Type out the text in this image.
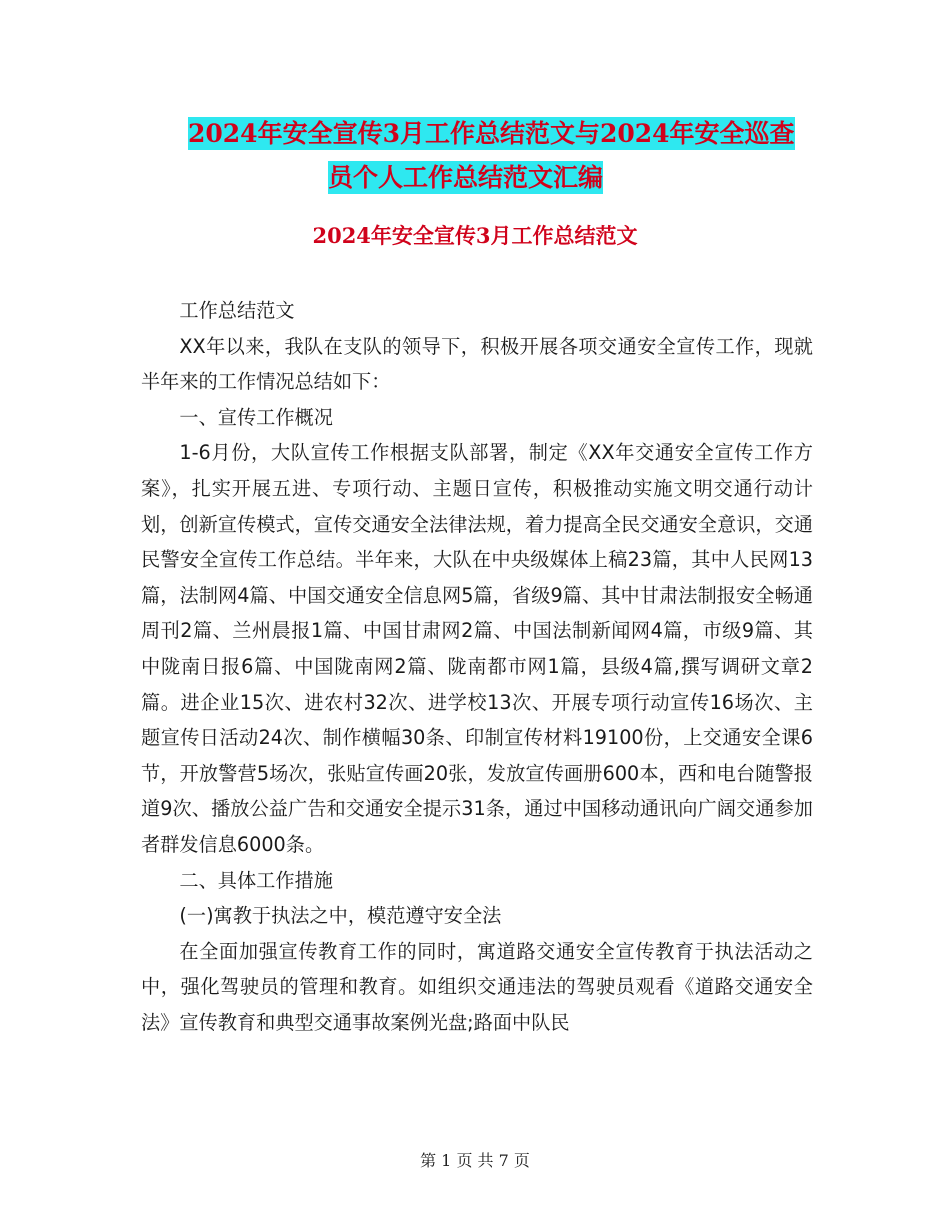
2024年安全宣传3月工作总结范文与2024年安全巡查
员个人工作总结范文汇编
2024年安全宣传3月工作总结范文

工作总结范文

XX年以来，我队在支队的领导下，积极开展各项交通安全宣传工作，现就半年来的工作情况总结如下：

一、宣传工作概况

1-6月份，大队宣传工作根据支队部署，制定《XX年交通安全宣传工作方案》，扎实开展五进、专项行动、主题日宣传，积极推动实施文明交通行动计划，创新宣传模式，宣传交通安全法律法规，着力提高全民交通安全意识，交通民警安全宣传工作总结。半年来，大队在中央级媒体上稿23篇，其中人民网13篇，法制网4篇、中国交通安全信息网5篇，省级9篇、其中甘肃法制报安全畅通周刊2篇、兰州晨报1篇、中国甘肃网2篇、中国法制新闻网4篇，市级9篇、其中陇南日报6篇、中国陇南网2篇、陇南都市网1篇，县级4篇,撰写调研文章2篇。进企业15次、进农村32次、进学校13次、开展专项行动宣传16场次、主题宣传日活动24次、制作横幅30条、印制宣传材料19100份，上交通安全课6节，开放警营5场次，张贴宣传画20张，发放宣传画册600本，西和电台随警报道9次、播放公益广告和交通安全提示31条，通过中国移动通讯向广阔交通参加者群发信息6000条。

二、具体工作措施

(一)寓教于执法之中，模范遵守安全法

在全面加强宣传教育工作的同时，寓道路交通安全宣传教育于执法活动之中，强化驾驶员的管理和教育。如组织交通违法的驾驶员观看《道路交通安全法》宣传教育和典型交通事故案例光盘;路面中队民

第 1 页 共 7 页
